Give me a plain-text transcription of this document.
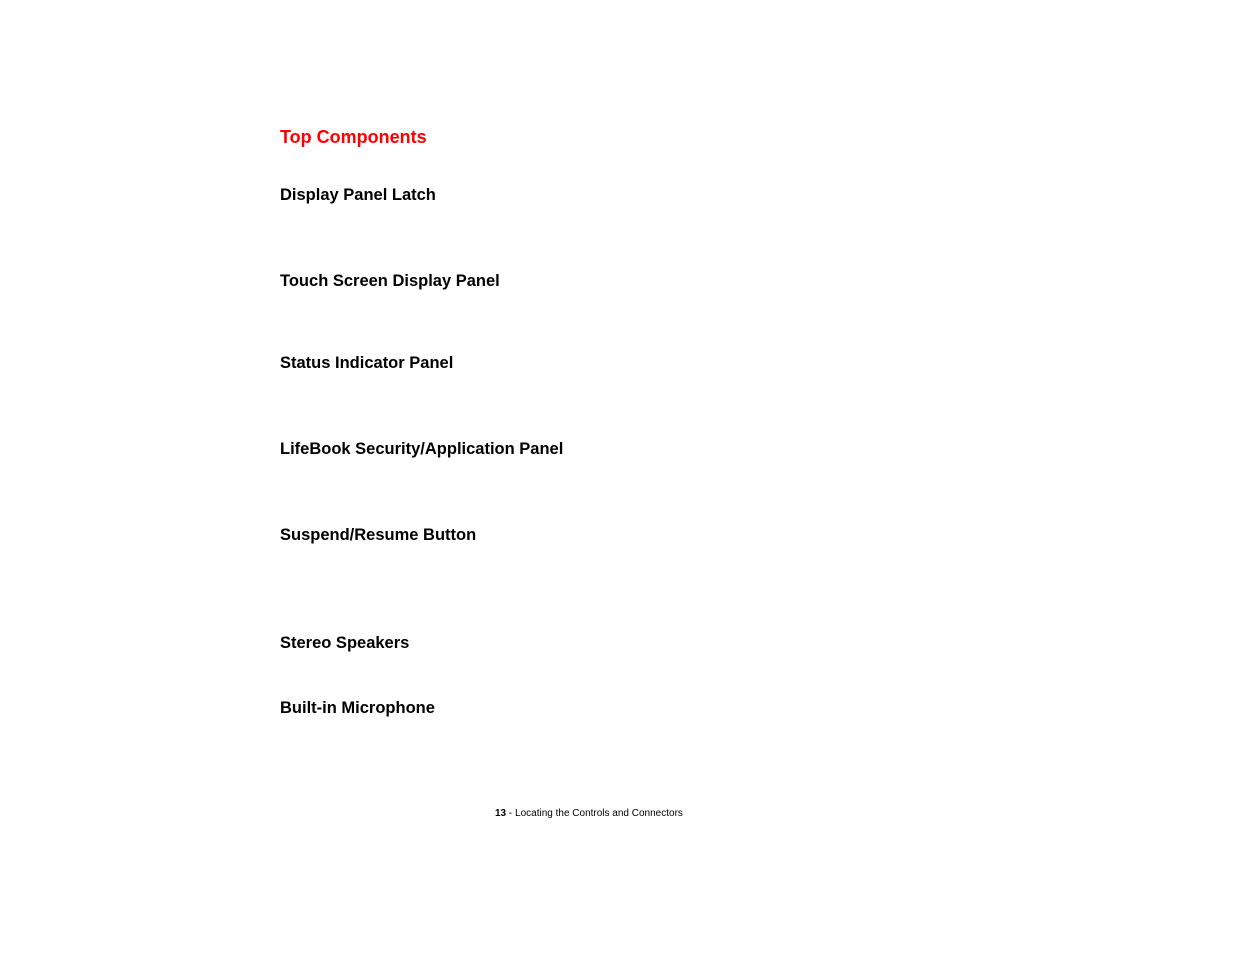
Top Components
Display Panel Latch
Touch Screen Display Panel
Status Indicator Panel
LifeBook Security/Application Panel
Suspend/Resume Button
Stereo Speakers
Built-in Microphone
13 - Locating the Controls and Connectors
